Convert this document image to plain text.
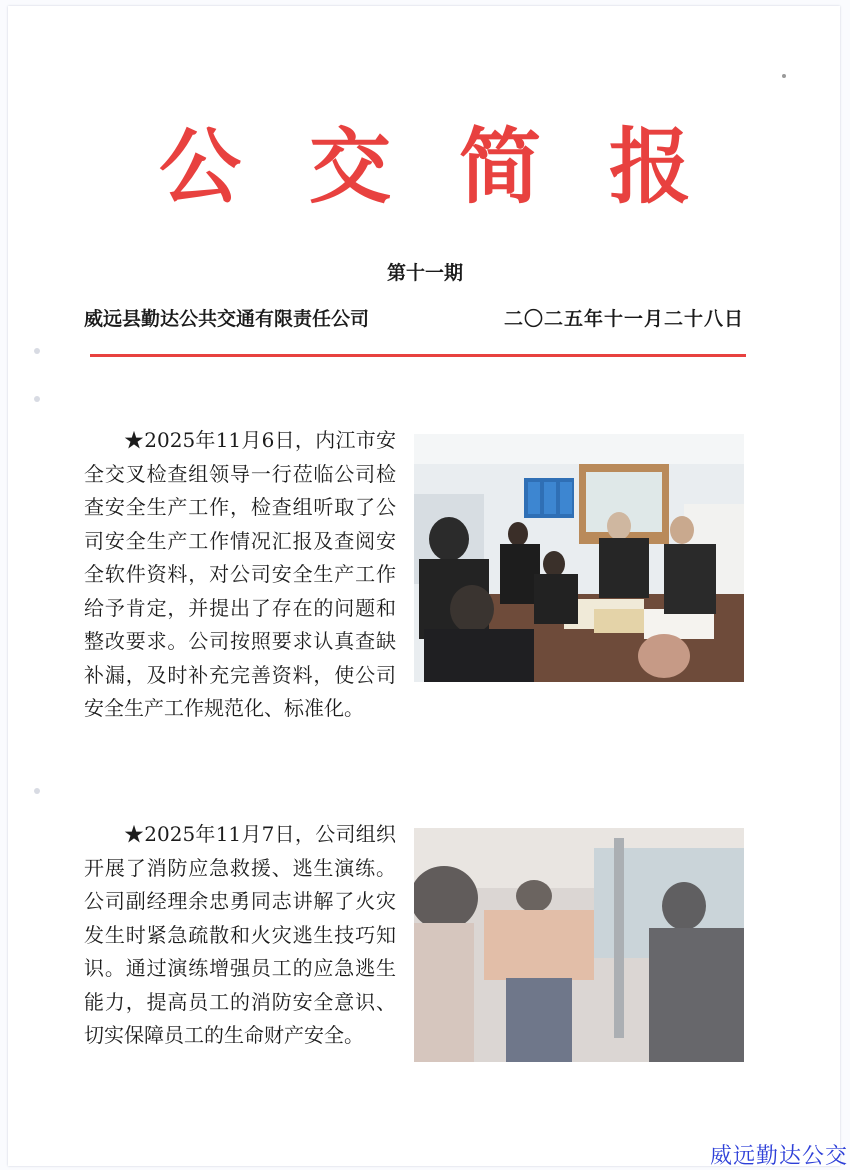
公交简报
第十一期
威远县勤达公共交通有限责任公司	二〇二五年十一月二十八日

★2025年11月6日，内江市安全交叉检查组领导一行莅临公司检查安全生产工作，检查组听取了公司安全生产工作情况汇报及查阅安全软件资料，对公司安全生产工作给予肯定，并提出了存在的问题和整改要求。公司按照要求认真查缺补漏，及时补充完善资料，使公司安全生产工作规范化、标准化。

★2025年11月7日，公司组织开展了消防应急救援、逃生演练。公司副经理余忠勇同志讲解了火灾发生时紧急疏散和火灾逃生技巧知识。通过演练增强员工的应急逃生能力，提高员工的消防安全意识、切实保障员工的生命财产安全。

威远勤达公交
